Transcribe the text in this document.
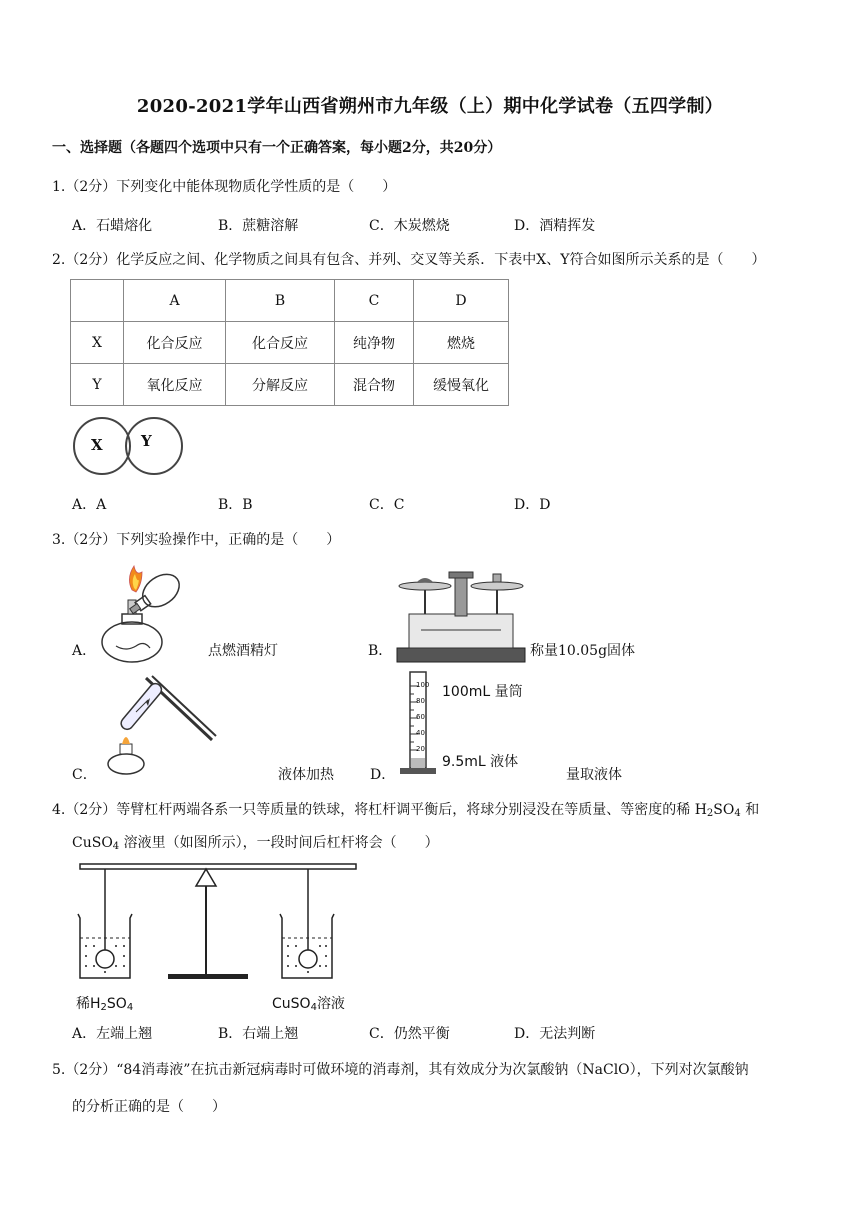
2020-2021学年山西省朔州市九年级（上）期中化学试卷（五四学制）
一、选择题（各题四个选项中只有一个正确答案，每小题2分，共20分）
1.（2分）下列变化中能体现物质化学性质的是（　　）
A．石蜡熔化	B．蔗糖溶解	C．木炭燃烧	D．酒精挥发
2.（2分）化学反应之间、化学物质之间具有包含、并列、交叉等关系．下表中X、Y符合如图所示关系的是（　　）
	A	B	C	D
X	化合反应	化合反应	纯净物	燃烧
Y	氧化反应	分解反应	混合物	缓慢氧化
X	Y
A．A	B．B	C．C	D．D
3.（2分）下列实验操作中，正确的是（　　）
A．	点燃酒精灯	B．	称量10.05g固体
C．	液体加热
100
80
60
40
20
100mL 量筒
9.5mL 液体
D．	量取液体
4.（2分）等臂杠杆两端各系一只等质量的铁球，将杠杆调平衡后，将球分别浸没在等质量、等密度的稀 $H_2SO_4$ 和
CuSO$_4$ 溶液里（如图所示），一段时间后杠杆将会（　　）
稀$H_2SO_4$	CuSO$_4$溶液
A．左端上翘	B．右端上翘	C．仍然平衡	D．无法判断
5.（2分）“84消毒液”在抗击新冠病毒时可做环境的消毒剂，其有效成分为次氯酸钠（NaClO），下列对次氯酸钠
的分析正确的是（　　）
